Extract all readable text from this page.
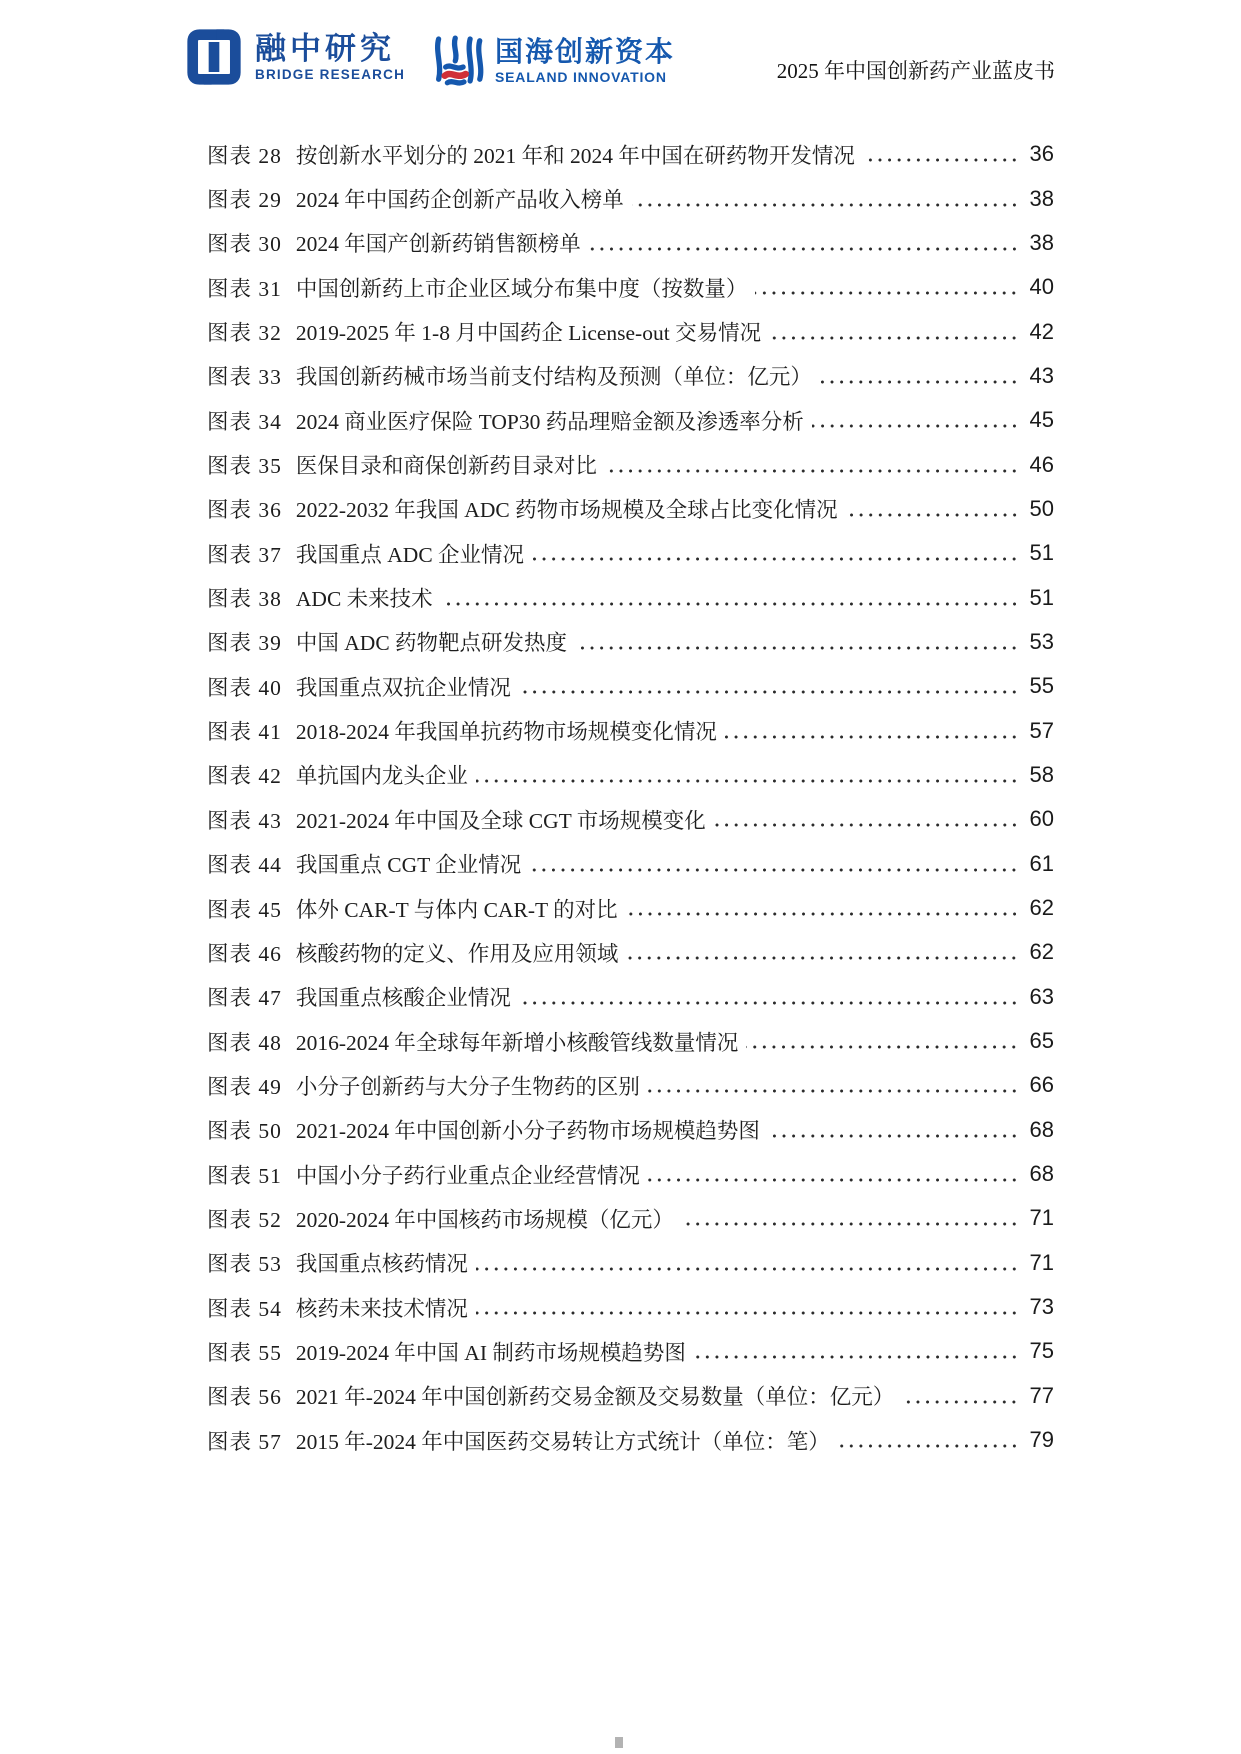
融中研究
BRIDGE RESEARCH
国海创新资本
SEALAND INNOVATION	2025 年中国创新药产业蓝皮书
图表 28 按创新水平划分的 2021 年和 2024 年中国在研药物开发情况	36
图表 29 2024 年中国药企创新产品收入榜单	38
图表 30 2024 年国产创新药销售额榜单	38
图表 31 中国创新药上市企业区域分布集中度（按数量）	40
图表 32 2019-2025 年 1-8 月中国药企 License-out 交易情况	42
图表 33 我国创新药械市场当前支付结构及预测（单位：亿元）	43
图表 34 2024 商业医疗保险 TOP30 药品理赔金额及渗透率分析	45
图表 35 医保目录和商保创新药目录对比	46
图表 36 2022-2032 年我国 ADC 药物市场规模及全球占比变化情况	50
图表 37 我国重点 ADC 企业情况	51
图表 38 ADC 未来技术	51
图表 39 中国 ADC 药物靶点研发热度	53
图表 40 我国重点双抗企业情况	55
图表 41 2018-2024 年我国单抗药物市场规模变化情况	57
图表 42 单抗国内龙头企业	58
图表 43 2021-2024 年中国及全球 CGT 市场规模变化	60
图表 44 我国重点 CGT 企业情况	61
图表 45 体外 CAR-T 与体内 CAR-T 的对比	62
图表 46 核酸药物的定义、作用及应用领域	62
图表 47 我国重点核酸企业情况	63
图表 48 2016-2024 年全球每年新增小核酸管线数量情况	65
图表 49 小分子创新药与大分子生物药的区别	66
图表 50 2021-2024 年中国创新小分子药物市场规模趋势图	68
图表 51 中国小分子药行业重点企业经营情况	68
图表 52 2020-2024 年中国核药市场规模（亿元）	71
图表 53 我国重点核药情况	71
图表 54 核药未来技术情况	73
图表 55 2019-2024 年中国 AI 制药市场规模趋势图	75
图表 56 2021 年-2024 年中国创新药交易金额及交易数量（单位：亿元）	77
图表 57 2015 年-2024 年中国医药交易转让方式统计（单位：笔）	79
